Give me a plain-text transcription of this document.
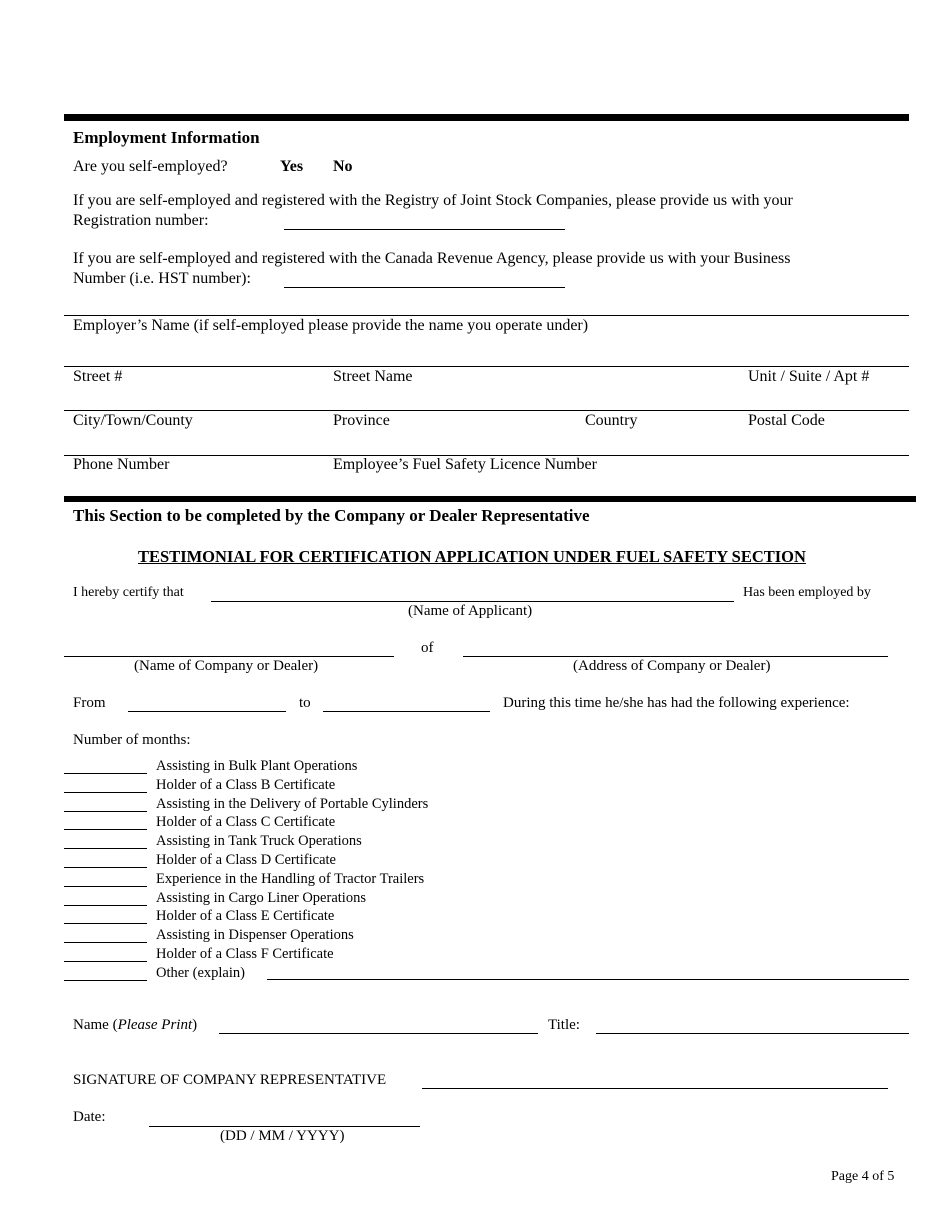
Employment Information
Are you self-employed?	Yes No
If you are self-employed and registered with the Registry of Joint Stock Companies, please provide us with your
Registration number:
If you are self-employed and registered with the Canada Revenue Agency, please provide us with your Business
Number (i.e. HST number):
Employer’s Name (if self-employed please provide the name you operate under)
Street #	Street Name	Unit / Suite / Apt #
City/Town/County	Province	Country	Postal Code
Phone Number	Employee’s Fuel Safety Licence Number
This Section to be completed by the Company or Dealer Representative
TESTIMONIAL FOR CERTIFICATION APPLICATION UNDER FUEL SAFETY SECTION
I hereby certify that	Has been employed by
(Name of Applicant)
of
(Name of Company or Dealer)	(Address of Company or Dealer)
From	to	During this time he/she has had the following experience:
Number of months:
Assisting in Bulk Plant Operations
Holder of a Class B Certificate
Assisting in the Delivery of Portable Cylinders
Holder of a Class C Certificate
Assisting in Tank Truck Operations
Holder of a Class D Certificate
Experience in the Handling of Tractor Trailers
Assisting in Cargo Liner Operations
Holder of a Class E Certificate
Assisting in Dispenser Operations
Holder of a Class F Certificate
Other (explain)
Name (Please Print)	Title:
SIGNATURE OF COMPANY REPRESENTATIVE
Date:
(DD / MM / YYYY)
Page 4 of 5
